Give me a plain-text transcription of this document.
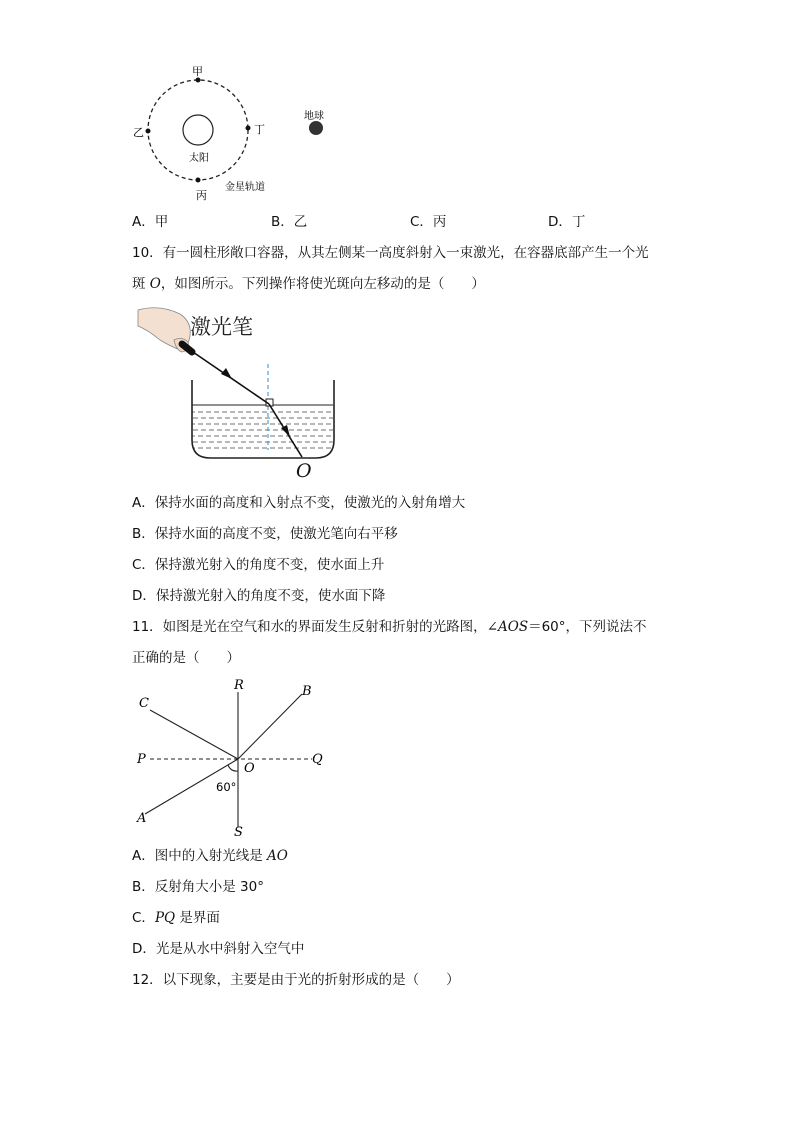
甲
乙
丙
丁
太阳
地球
金星轨道
A．甲	B．乙	C．丙	D．丁
10．有一圆柱形敞口容器，从其左侧某一高度斜射入一束激光，在容器底部产生一个光
斑 O，如图所示。下列操作将使光斑向左移动的是（　　）
激光笔
O
A．保持水面的高度和入射点不变，使激光的入射角增大
B．保持水面的高度不变，使激光笔向右平移
C．保持激光射入的角度不变，使水面上升
D．保持激光射入的角度不变，使水面下降
11．如图是光在空气和水的界面发生反射和折射的光路图，∠AOS＝60°，下列说法不
正确的是（　　）
R	B
C
P
O
Q
A
S
60°
A．图中的入射光线是 AO
B．反射角大小是 30°
C．PQ 是界面
D．光是从水中斜射入空气中
12．以下现象，主要是由于光的折射形成的是（　　）
